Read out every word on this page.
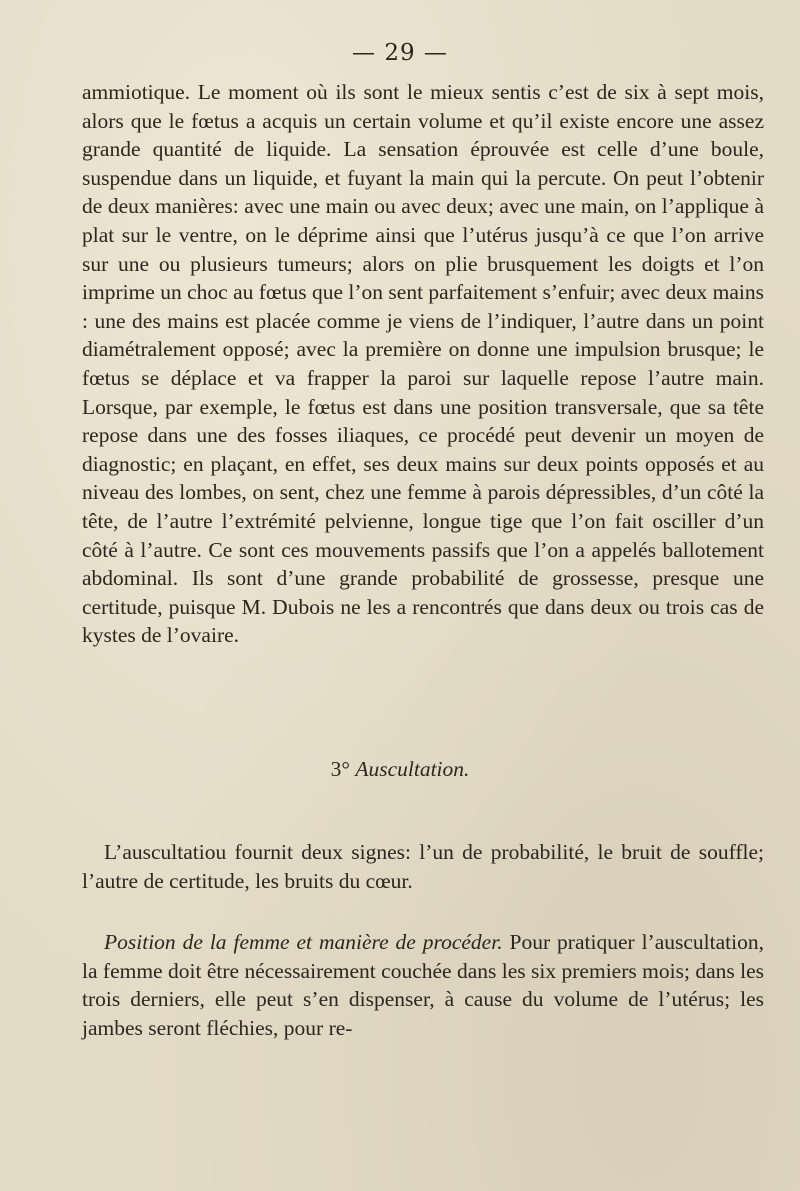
— 29 —

ammiotique. Le moment où ils sont le mieux sentis c’est de six à sept mois, alors que le fœtus a acquis un certain volume et qu’il existe encore une assez grande quantité de liquide. La sensation éprouvée est celle d’une boule, suspendue dans un liquide, et fuyant la main qui la percute. On peut l’obtenir de deux manières: avec une main ou avec deux; avec une main, on l’applique à plat sur le ventre, on le déprime ainsi que l’utérus jusqu’à ce que l’on arrive sur une ou plusieurs tumeurs; alors on plie brusquement les doigts et l’on imprime un choc au fœtus que l’on sent parfaitement s’enfuir; avec deux mains : une des mains est placée comme je viens de l’indiquer, l’autre dans un point diamétralement opposé; avec la première on donne une impulsion brusque; le fœtus se déplace et va frapper la paroi sur laquelle repose l’autre main. Lorsque, par exemple, le fœtus est dans une position transversale, que sa tête repose dans une des fosses iliaques, ce procédé peut devenir un moyen de diagnostic; en plaçant, en effet, ses deux mains sur deux points opposés et au niveau des lombes, on sent, chez une femme à parois dépressibles, d’un côté la tête, de l’autre l’extrémité pelvienne, longue tige que l’on fait osciller d’un côté à l’autre. Ce sont ces mouvements passifs que l’on a appelés ballotement abdominal. Ils sont d’une grande probabilité de grossesse, presque une certitude, puisque M. Dubois ne les a rencontrés que dans deux ou trois cas de kystes de l’ovaire.

3° Auscultation.

L’auscultatiou fournit deux signes: l’un de probabilité, le bruit de souffle; l’autre de certitude, les bruits du cœur.

Position de la femme et manière de procéder. Pour pratiquer l’auscultation, la femme doit être nécessairement couchée dans les six premiers mois; dans les trois derniers, elle peut s’en dispenser, à cause du volume de l’utérus; les jambes seront fléchies, pour re-
